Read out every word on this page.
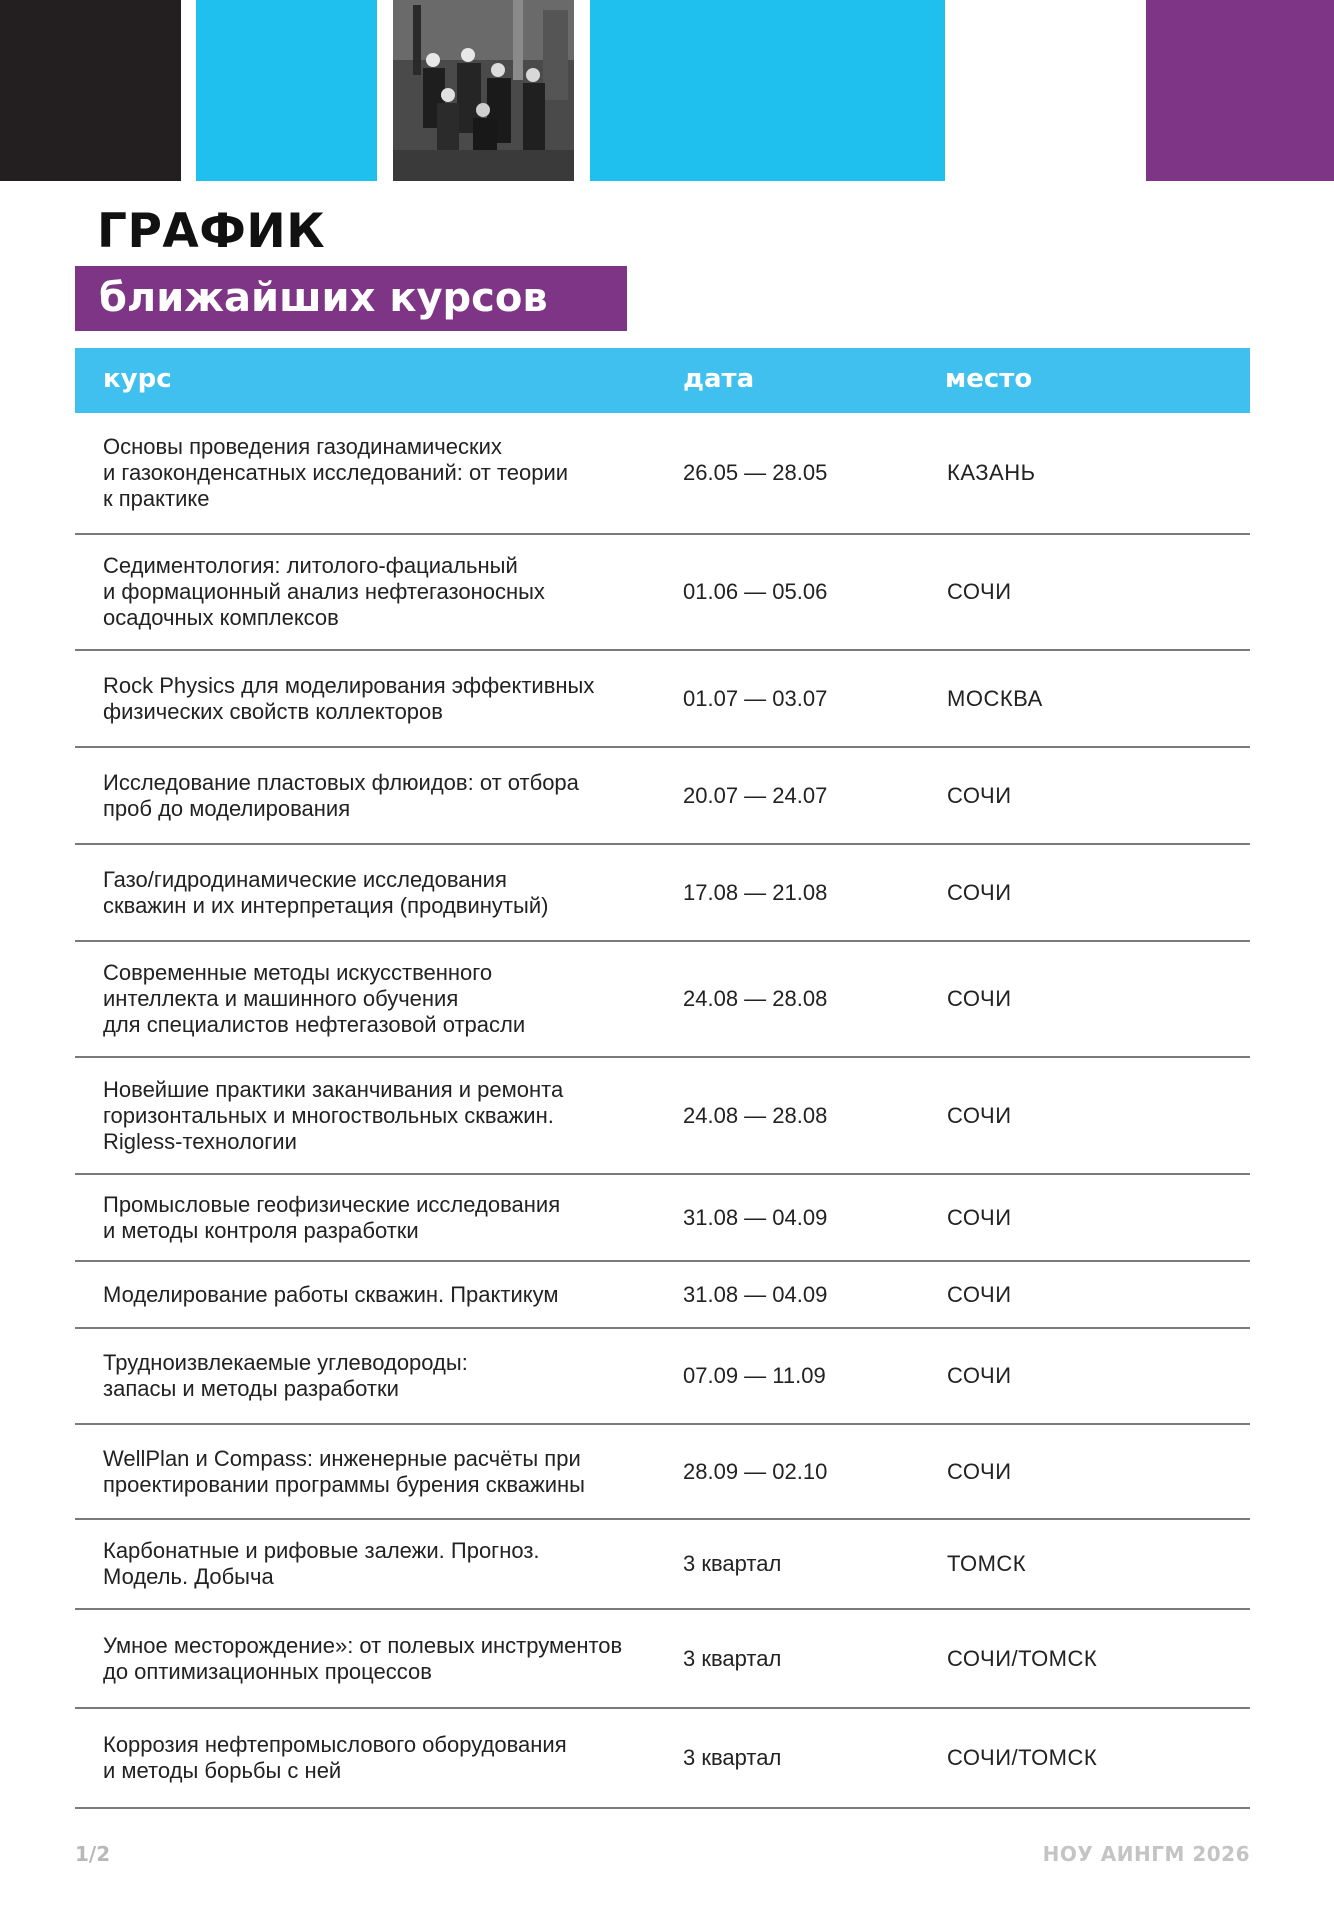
ГРАФИК
ближайших курсов
курс	дата	место
Основы проведения газодинамических
и газоконденсатных исследований: от теории
к практике
26.05 — 28.05	КАЗАНЬ
Седиментология: литолого-фациальный
и формационный анализ нефтегазоносных
осадочных комплексов
01.06 — 05.06	СОЧИ
Rock Physics для моделирования эффективных
физических свойств коллекторов
01.07 — 03.07	МОСКВА
Исследование пластовых флюидов: от отбора
проб до моделирования
20.07 — 24.07	СОЧИ
Газо/гидродинамические исследования
скважин и их интерпретация (продвинутый)
17.08 — 21.08	СОЧИ
Современные методы искусственного
интеллекта и машинного обучения
для специалистов нефтегазовой отрасли
24.08 — 28.08	СОЧИ
Новейшие практики заканчивания и ремонта
горизонтальных и многоствольных скважин.
Rigless-технологии
24.08 — 28.08	СОЧИ
Промысловые геофизические исследования
и методы контроля разработки
31.08 — 04.09	СОЧИ
Моделирование работы скважин. Практикум	31.08 — 04.09	СОЧИ
Трудноизвлекаемые углеводороды:
запасы и методы разработки
07.09 — 11.09	СОЧИ
WellPlan и Compass: инженерные расчёты при
проектировании программы бурения скважины
28.09 — 02.10	СОЧИ
Карбонатные и рифовые залежи. Прогноз.
Модель. Добыча
3 квартал	ТОМСК
Умное месторождение»: от полевых инструментов
до оптимизационных процессов
3 квартал	СОЧИ/ТОМСК
Коррозия нефтепромыслового оборудования
и методы борьбы с ней
3 квартал	СОЧИ/ТОМСК
1/2	НОУ АИНГМ 2026
